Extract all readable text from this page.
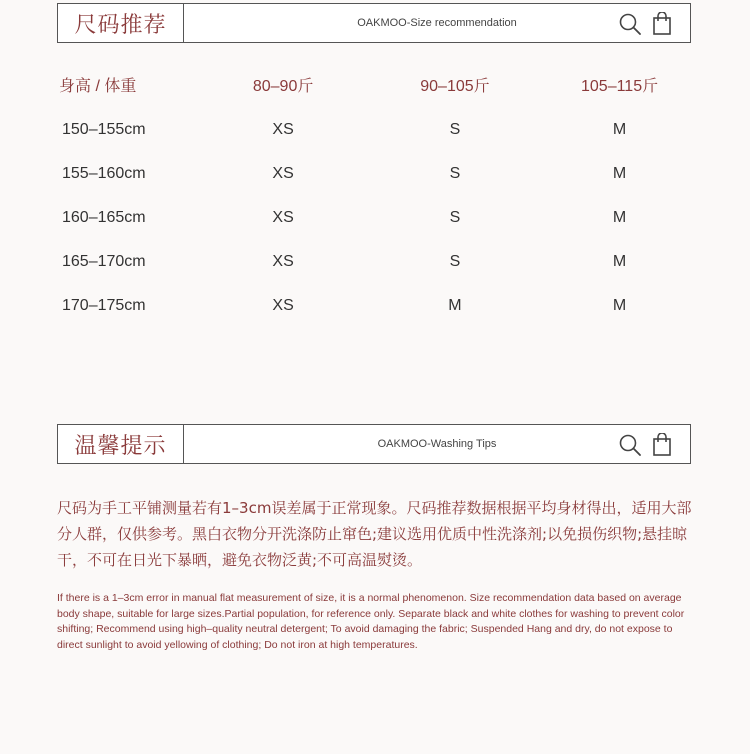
尺码推荐	OAKMOO-Size recommendation
身高 / 体重	80–90斤	90–105斤	105–115斤
150–155cm	XS	S	M
155–160cm	XS	S	M
160–165cm	XS	S	M
165–170cm	XS	S	M
170–175cm	XS	M	M
温馨提示	OAKMOO-Washing Tips
尺码为手工平铺测量若有1–3cm误差属于正常现象。尺码推荐数据根据平均身材得出，适用大部分人群，仅供参考。黑白衣物分开洗涤防止窜色;建议选用优质中性洗涤剂;以免损伤织物;悬挂晾干，不可在日光下暴晒，避免衣物泛黄;不可高温熨烫。
If there is a 1–3cm error in manual flat measurement of size, it is a normal phenomenon. Size recommendation data based on average body shape, suitable for large sizes.Partial population, for reference only. Separate black and white clothes for washing to prevent color shifting; Recommend using high–quality neutral detergent; To avoid damaging the fabric; Suspended Hang and dry, do not expose to direct sunlight to avoid yellowing of clothing; Do not iron at high temperatures.
